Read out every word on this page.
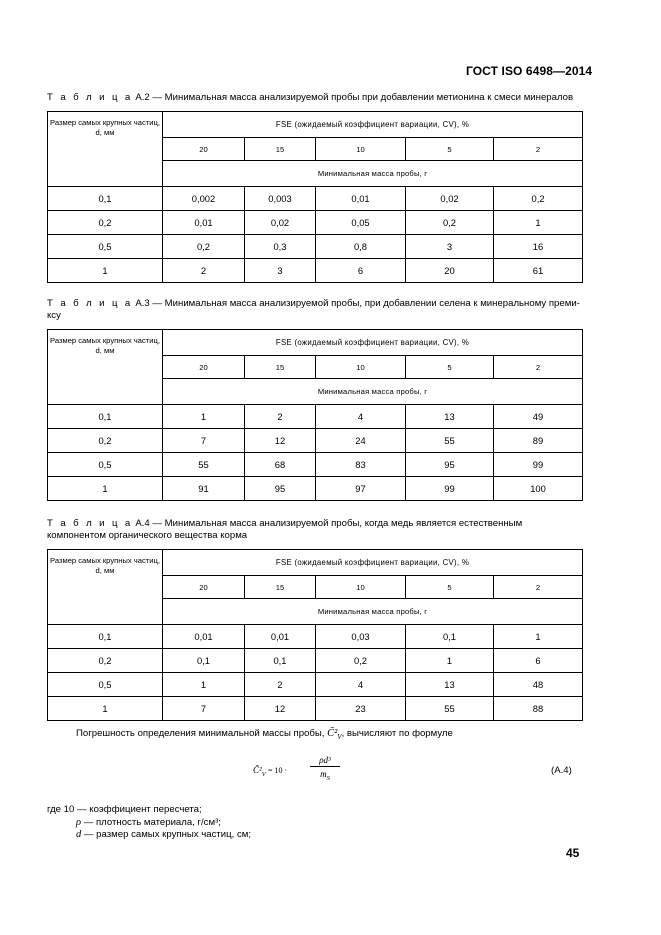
ГОСТ ISO 6498—2014

Т а б л и ц а А.2 — Минимальная масса анализируемой пробы при добавлении метионина к смеси минералов

Размер самых крупных частиц, d, мм	FSE (ожидаемый коэффициент вариации, CV), %				
	20	15	10	5	2
	Минимальная масса пробы, г				
0,1	0,002	0,003	0,01	0,02	0,2
0,2	0,01	0,02	0,05	0,2	1
0,5	0,2	0,3	0,8	3	16
1	2	3	6	20	61

Т а б л и ц а А.3 — Минимальная масса анализируемой пробы, при добавлении селена к минеральному преми-ксу

Размер самых крупных частиц, d, мм	FSE (ожидаемый коэффициент вариации, CV), %				
	20	15	10	5	2
	Минимальная масса пробы, г				
0,1	1	2	4	13	49
0,2	7	12	24	55	89
0,5	55	68	83	95	99
1	91	95	97	99	100

Т а б л и ц а А.4 — Минимальная масса анализируемой пробы, когда медь является естественным компонентом органического вещества корма

Размер самых крупных частиц, d, мм	FSE (ожидаемый коэффициент вариации, CV), %				
	20	15	10	5	2
	Минимальная масса пробы, г				
0,1	0,01	0,01	0,03	0,1	1
0,2	0,1	0,1	0,2	1	6
0,5	1	2	4	13	48
1	7	12	23	55	88
Погрешность определения минимальной массы пробы, $C̃^2_V$, вычисляют по формуле
$C̃^2_V = 10$ ·	$\frac{\text{ρd³}}{m_S}$	(А.4)
где 10 — коэффициент пересчета;
ρ — плотность материала, г/см³;
d — размер самых крупных частиц, см;
45
